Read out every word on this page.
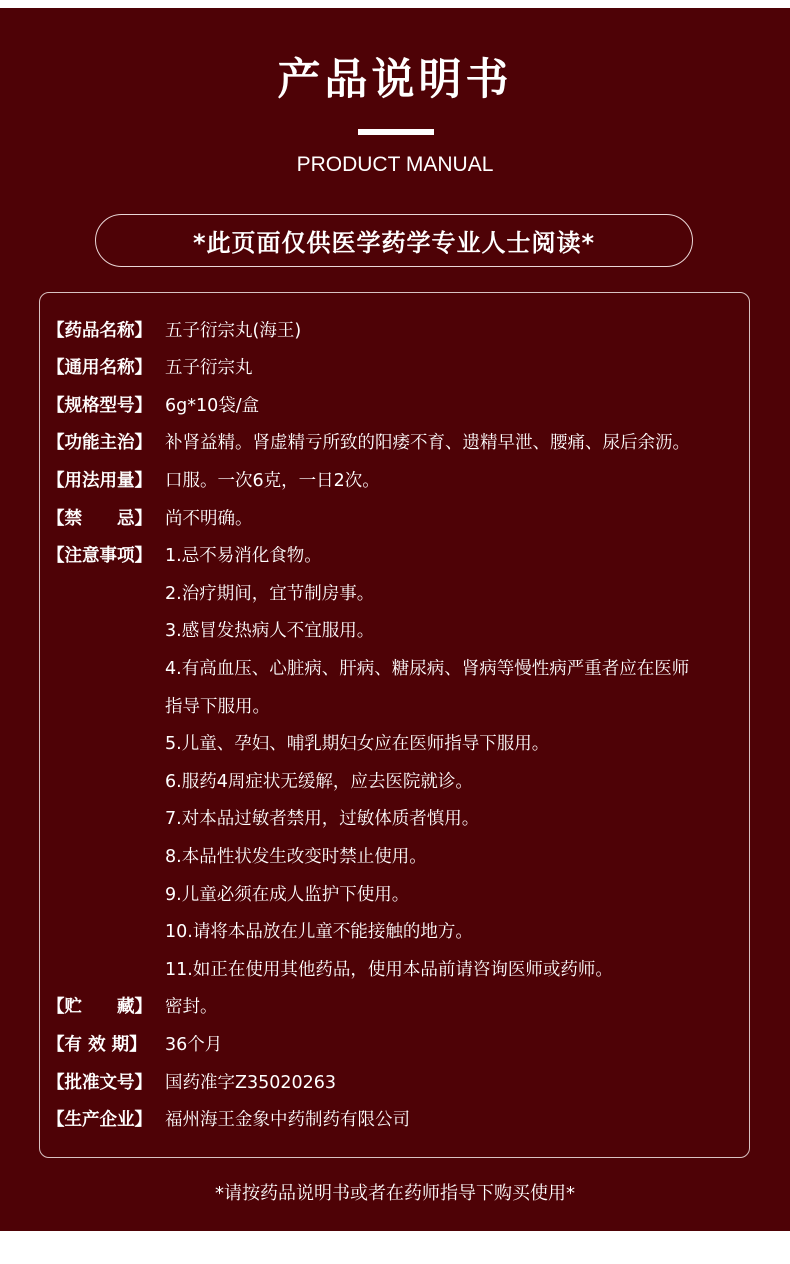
产品说明书
PRODUCT MANUAL
*此页面仅供医学药学专业人士阅读*
【药品名称】 五子衍宗丸(海王)
【通用名称】 五子衍宗丸
【规格型号】 6g*10袋/盒
【功能主治】 补肾益精。肾虚精亏所致的阳痿不育、遗精早泄、腰痛、尿后余沥。
【用法用量】 口服。一次6克，一日2次。
【禁　　忌】 尚不明确。
【注意事项】 1.忌不易消化食物。
2.治疗期间，宜节制房事。
3.感冒发热病人不宜服用。
4.有高血压、心脏病、肝病、糖尿病、肾病等慢性病严重者应在医师
指导下服用。
5.儿童、孕妇、哺乳期妇女应在医师指导下服用。
6.服药4周症状无缓解，应去医院就诊。
7.对本品过敏者禁用，过敏体质者慎用。
8.本品性状发生改变时禁止使用。
9.儿童必须在成人监护下使用。
10.请将本品放在儿童不能接触的地方。
11.如正在使用其他药品，使用本品前请咨询医师或药师。
【贮　　藏】 密封。
【有 效 期】 36个月
【批准文号】 国药准字Z35020263
【生产企业】 福州海王金象中药制药有限公司
*请按药品说明书或者在药师指导下购买使用*
